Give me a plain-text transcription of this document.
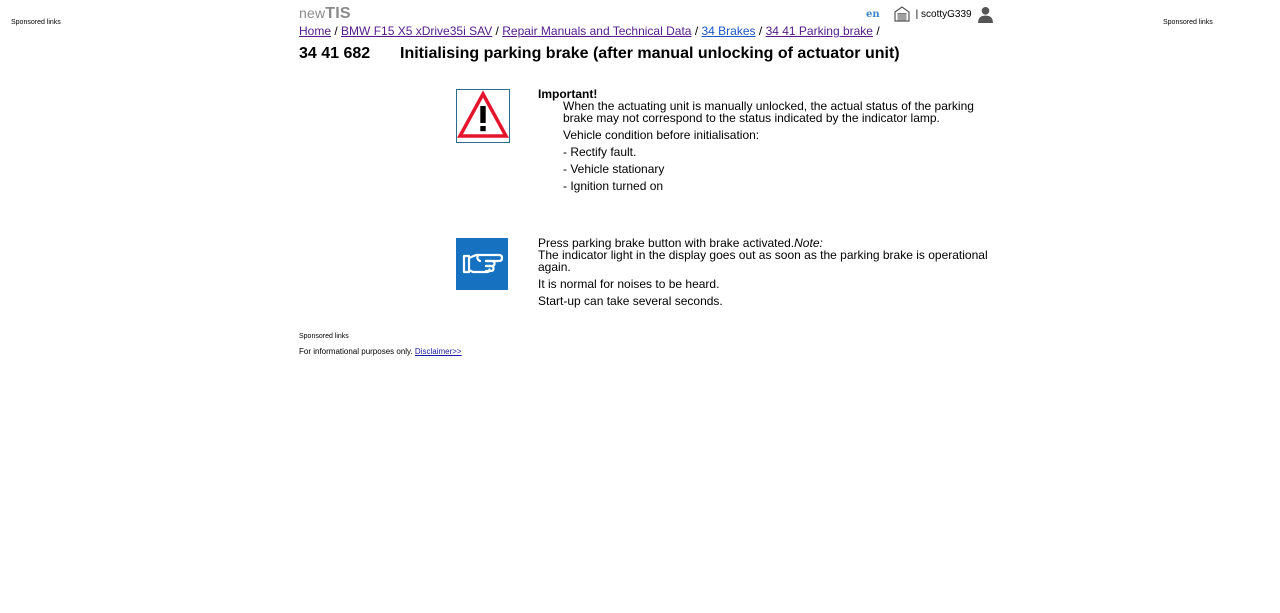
Sponsored links	Sponsored links
newTIS	en	| scottyG339
Home / BMW F15 X5 xDrive35i SAV / Repair Manuals and Technical Data / 34 Brakes / 34 41 Parking brake /
34 41 682 Initialising parking brake (after manual unlocking of actuator unit)
Important!
When the actuating unit is manually unlocked, the actual status of the parking brake may not correspond to the status indicated by the indicator lamp.
Vehicle condition before initialisation:
- Rectify fault.
- Vehicle stationary
- Ignition turned on
Press parking brake button with brake activated.Note:
The indicator light in the display goes out as soon as the parking brake is operational again.
It is normal for noises to be heard.
Start-up can take several seconds.
Sponsored links
For informational purposes only. Disclaimer>>
